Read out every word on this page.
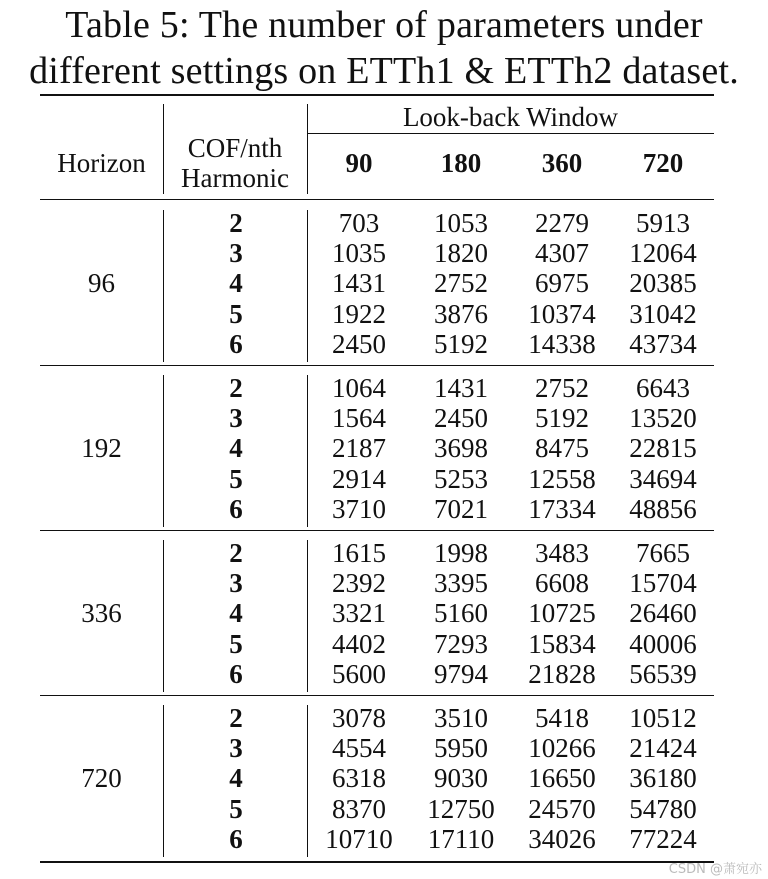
Table 5: The number of parameters under
different settings on ETTh1 & ETTh2 dataset.
Look-back Window
Horizon	COF/nth
Harmonic	90	180	360	720
96
2	703	1053	2279	5913
3	1035	1820	4307	12064
4	1431	2752	6975	20385
5	1922	3876	10374	31042
6	2450	5192	14338	43734
192
2	1064	1431	2752	6643
3	1564	2450	5192	13520
4	2187	3698	8475	22815
5	2914	5253	12558	34694
6	3710	7021	17334	48856
336
2	1615	1998	3483	7665
3	2392	3395	6608	15704
4	3321	5160	10725	26460
5	4402	7293	15834	40006
6	5600	9794	21828	56539
720
2	3078	3510	5418	10512
3	4554	5950	10266	21424
4	6318	9030	16650	36180
5	8370	12750	24570	54780
6	10710	17110	34026	77224
CSDN @萧宛亦
